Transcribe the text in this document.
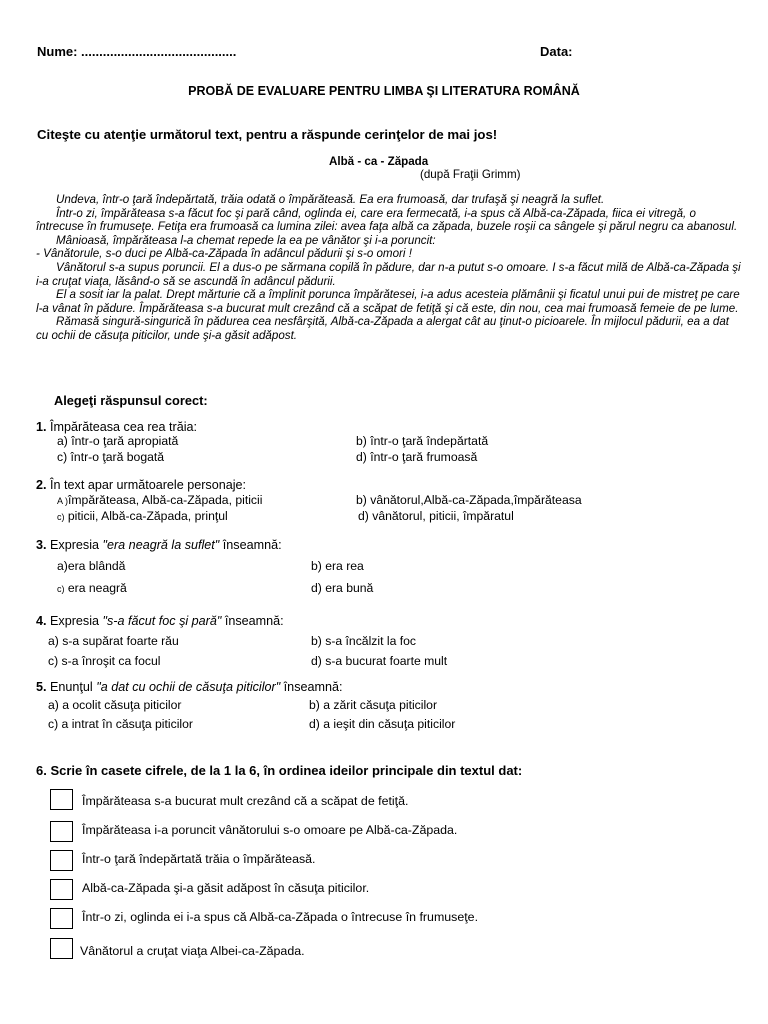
Nume: ...........................................	Data:
PROBĂ DE EVALUARE PENTRU LIMBA ŞI LITERATURA ROMÂNĂ
Citeşte cu atenţie următorul text, pentru a răspunde cerinţelor de mai jos!
Albă - ca - Zăpada
(după Fraţii Grimm)

Undeva, într-o ţară îndepărtată, trăia odată o împărăteasă. Ea era frumoasă, dar trufaşă şi neagră la suflet.

Într-o zi, împărăteasa s-a făcut foc şi pară când, oglinda ei, care era fermecată, i-a spus că Albă-ca-Zăpada, fiica ei vitregă, o întrecuse în frumuseţe. Fetiţa era frumoasă ca lumina zilei: avea faţa albă ca zăpada, buzele roşii ca sângele şi părul negru ca abanosul.

Mânioasă, împărăteasa l-a chemat repede la ea pe vânător şi i-a poruncit:

- Vânătorule, s-o duci pe Albă-ca-Zăpada în adâncul pădurii şi s-o omori !

Vânătorul s-a supus poruncii. El a dus-o pe sărmana copilă în pădure, dar n-a putut s-o omoare. I s-a făcut milă de Albă-ca-Zăpada şi i-a cruţat viaţa, lăsând-o să se ascundă în adâncul pădurii.

El a sosit iar la palat. Drept mărturie că a împlinit porunca împărătesei, i-a adus acesteia plămânii şi ficatul unui pui de mistreţ pe care l-a vânat în pădure. Împărăteasa s-a bucurat mult crezând că a scăpat de fetiţă şi că este, din nou, cea mai frumoasă femeie de pe lume.

Rămasă singură-singurică în pădurea cea nesfârşită, Albă-ca-Zăpada a alergat cât au ţinut-o picioarele. În mijlocul pădurii, ea a dat cu ochii de căsuţa piticilor, unde şi-a găsit adăpost.

Alegeţi răspunsul corect:
1. Împărăteasa cea rea trăia:
a) într-o ţară apropiată	b) într-o ţară îndepărtată
c) într-o ţară bogată	d) într-o ţară frumoasă
2. În text apar următoarele personaje:
A )împărăteasa, Albă-ca-Zăpada, piticii	b) vânătorul,Albă-ca-Zăpada,împărăteasa
c) piticii, Albă-ca-Zăpada, prinţul	d) vânătorul, piticii, împăratul
3. Expresia "era neagră la suflet" înseamnă:
a)era blândă	b) era rea
c) era neagră	d) era bună
4. Expresia "s-a făcut foc şi pară" înseamnă:
a) s-a supărat foarte rău	b) s-a încălzit la foc
c) s-a înroşit ca focul	d) s-a bucurat foarte mult
5. Enunţul "a dat cu ochii de căsuţa piticilor" înseamnă:
a) a ocolit căsuţa piticilor	b) a zărit căsuţa piticilor
c) a intrat în căsuţa piticilor	d) a ieşit din căsuţa piticilor
6. Scrie în casete cifrele, de la 1 la 6, în ordinea ideilor principale din textul dat:
Împărăteasa s-a bucurat mult crezând că a scăpat de fetiţă.
Împărăteasa i-a poruncit vânătorului s-o omoare pe Albă-ca-Zăpada.
Într-o ţară îndepărtată trăia o împărăteasă.
Albă-ca-Zăpada şi-a găsit adăpost în căsuţa piticilor.
Într-o zi, oglinda ei i-a spus că Albă-ca-Zăpada o întrecuse în frumuseţe.
Vânătorul a cruţat viaţa Albei-ca-Zăpada.
